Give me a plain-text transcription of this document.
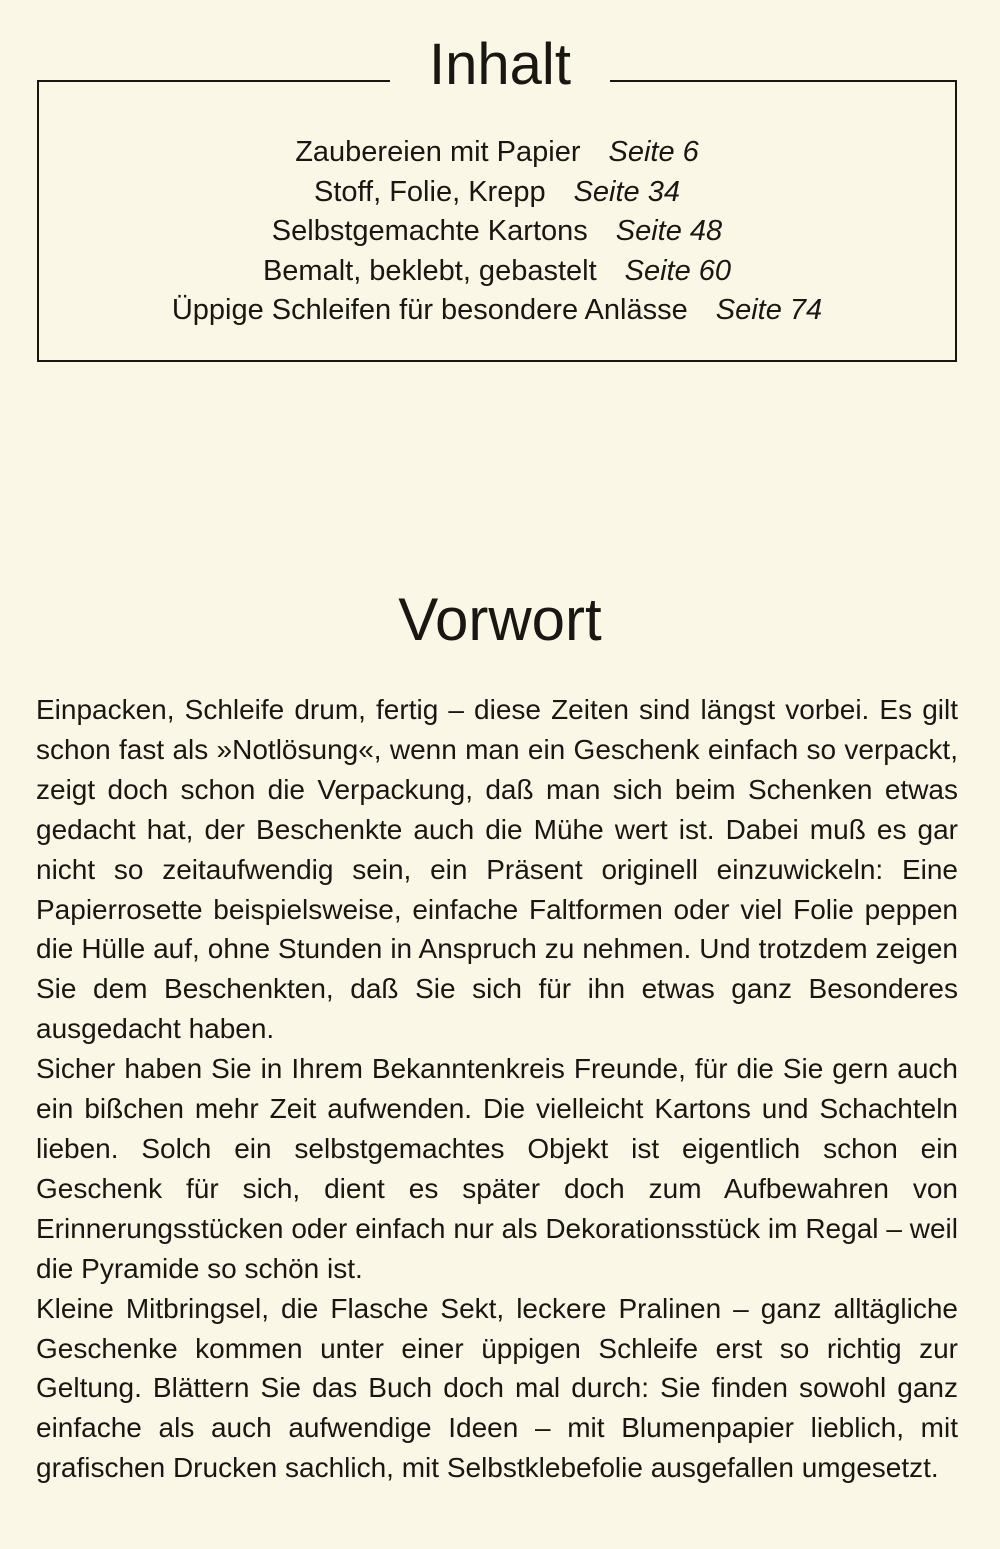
Inhalt
Zaubereien mit Papier Seite 6
Stoff, Folie, Krepp Seite 34
Selbstgemachte Kartons Seite 48
Bemalt, beklebt, gebastelt Seite 60
Üppige Schleifen für besondere Anlässe Seite 74
Vorwort

Einpacken, Schleife drum, fertig – diese Zeiten sind längst vorbei. Es gilt schon fast als »Notlösung«, wenn man ein Geschenk einfach so verpackt, zeigt doch schon die Verpackung, daß man sich beim Schenken etwas gedacht hat, der Beschenkte auch die Mühe wert ist. Dabei muß es gar nicht so zeitaufwendig sein, ein Präsent originell einzuwickeln: Eine Papierrosette beispielsweise, einfache Faltformen oder viel Folie peppen die Hülle auf, ohne Stunden in Anspruch zu nehmen. Und trotzdem zeigen Sie dem Beschenkten, daß Sie sich für ihn etwas ganz Besonderes ausgedacht haben.

Sicher haben Sie in Ihrem Bekanntenkreis Freunde, für die Sie gern auch ein bißchen mehr Zeit aufwenden. Die vielleicht Kartons und Schachteln lieben. Solch ein selbstgemachtes Objekt ist eigentlich schon ein Geschenk für sich, dient es später doch zum Aufbewahren von Erinnerungsstücken oder einfach nur als Dekorationsstück im Regal – weil die Pyramide so schön ist.

Kleine Mitbringsel, die Flasche Sekt, leckere Pralinen – ganz alltägliche Geschenke kommen unter einer üppigen Schleife erst so richtig zur Geltung. Blättern Sie das Buch doch mal durch: Sie finden sowohl ganz einfache als auch aufwendige Ideen – mit Blumenpapier lieblich, mit grafischen Drucken sachlich, mit Selbstklebefolie ausgefallen umgesetzt.
